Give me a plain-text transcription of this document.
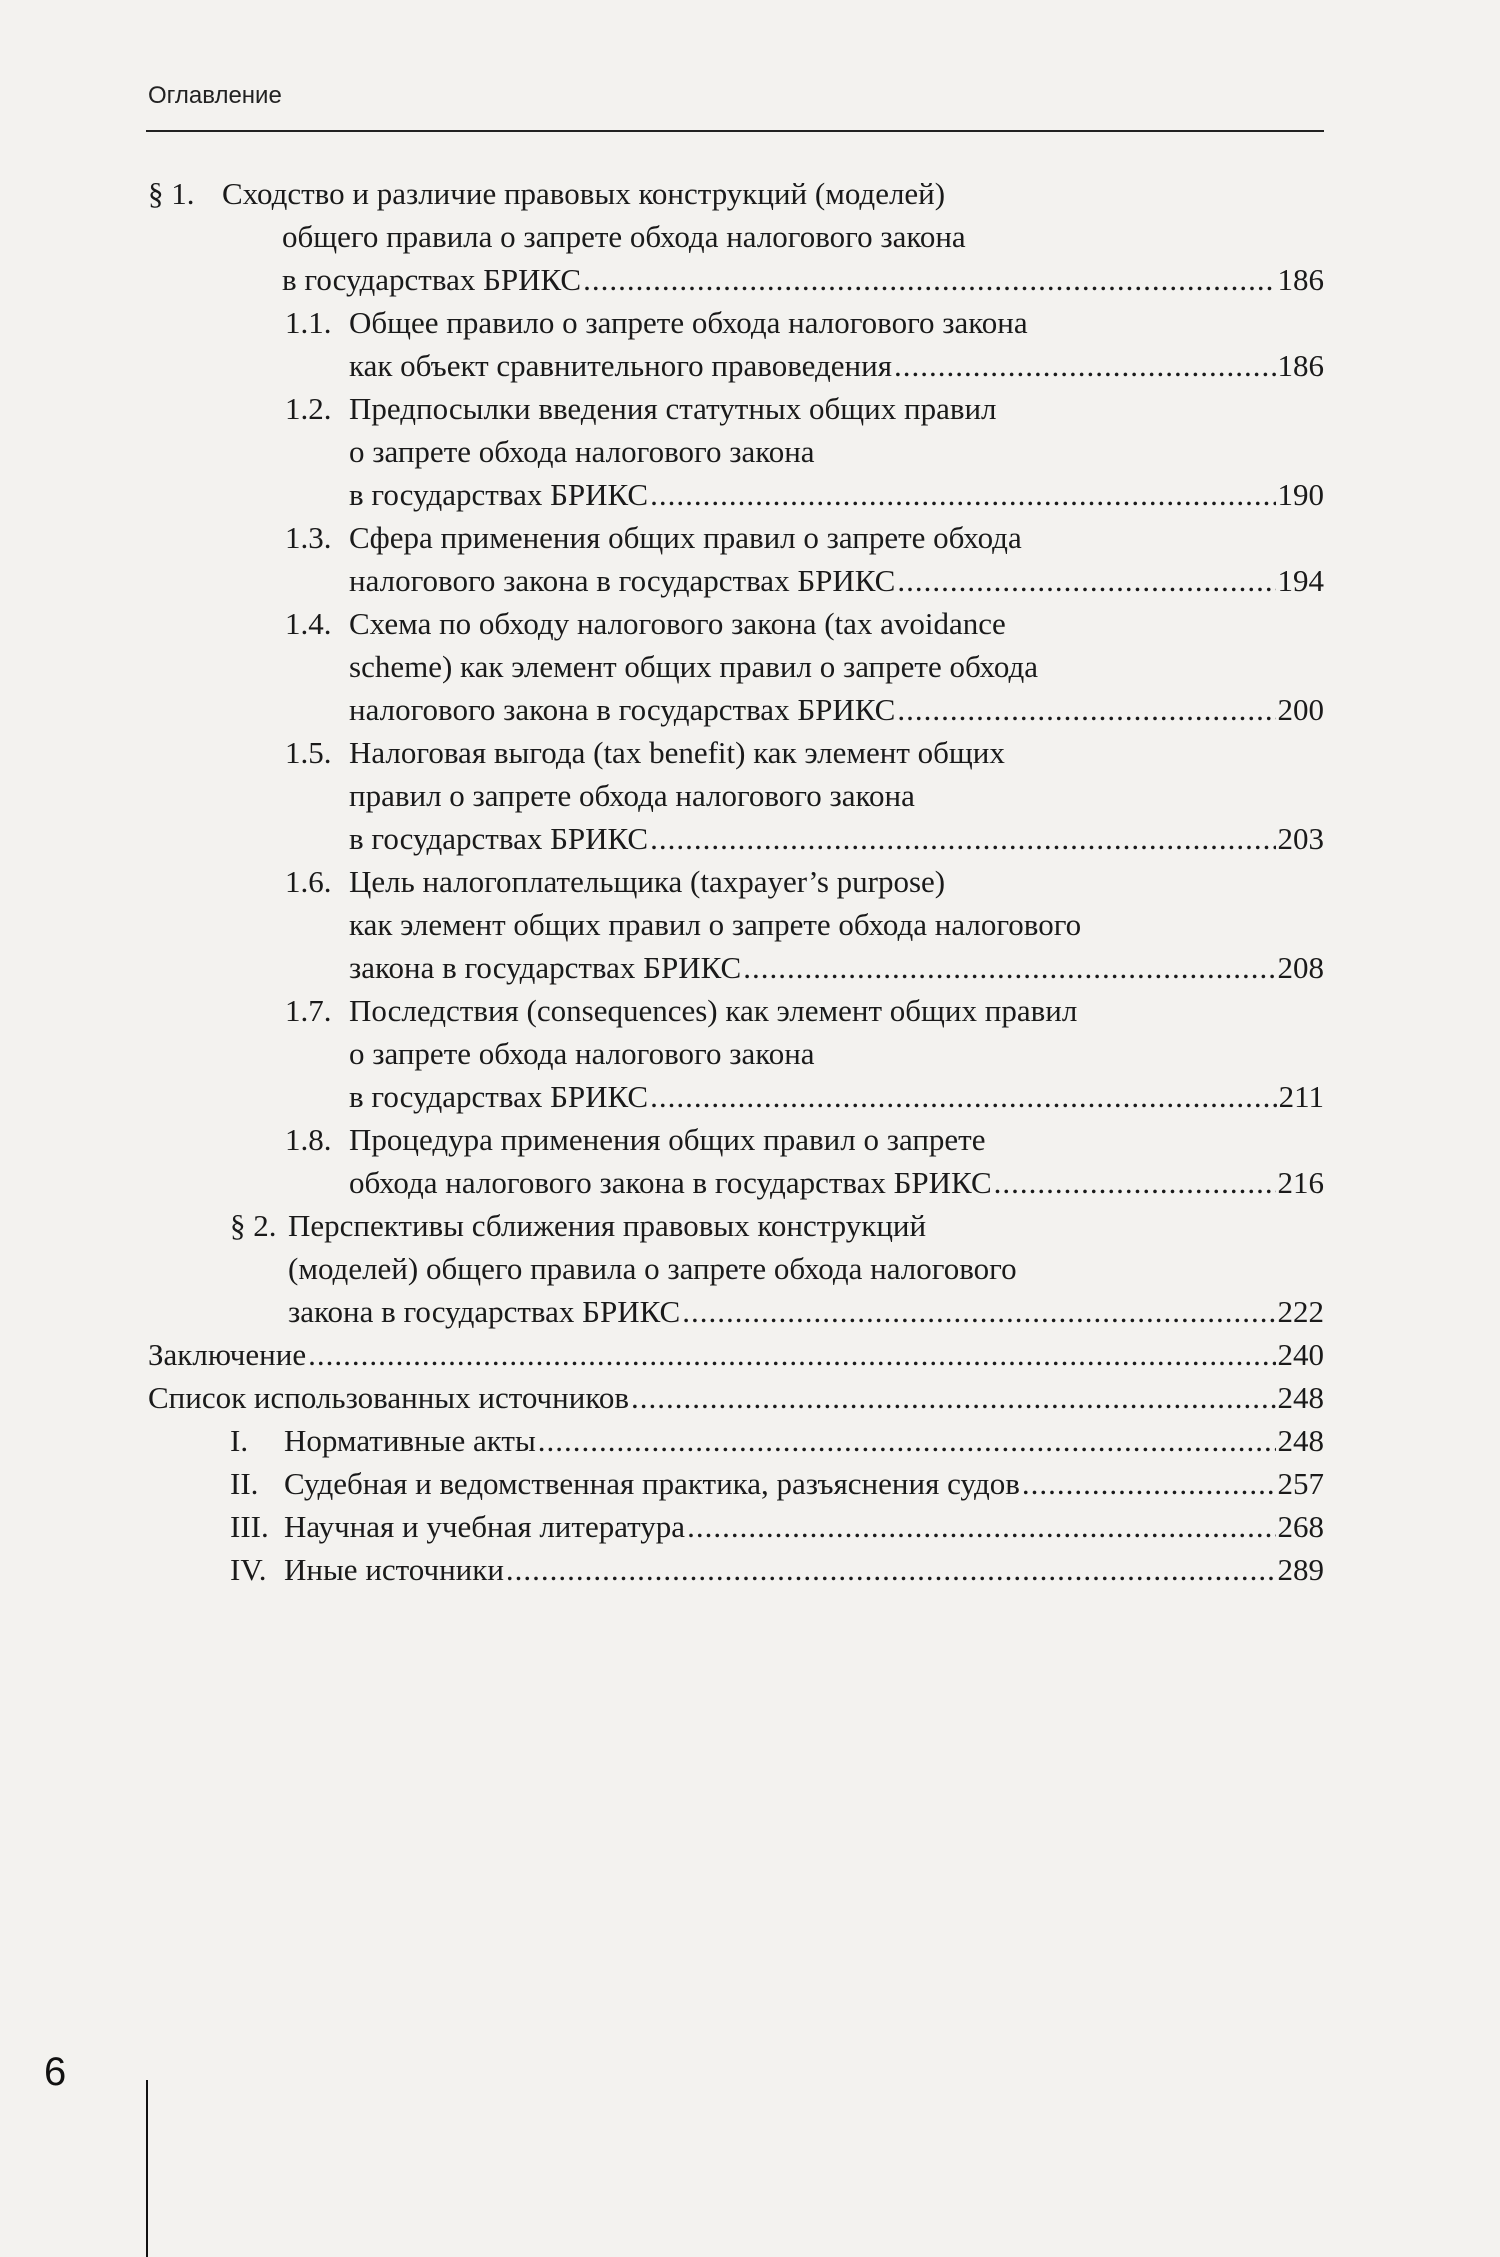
Оглавление
§ 1. Сходство и различие правовых конструкций (моделей)
общего правила о запрете обхода налогового закона
в государствах БРИКС .....	186
1.1. Общее правило о запрете обхода налогового закона
как объект сравнительного правоведения .....	186
1.2. Предпосылки введения статутных общих правил
о запрете обхода налогового закона
в государствах БРИКС .....	190
1.3. Сфера применения общих правил о запрете обхода
налогового закона в государствах БРИКС .....	194
1.4. Схема по обходу налогового закона (tax avoidance
scheme) как элемент общих правил о запрете обхода
налогового закона в государствах БРИКС .....	200
1.5. Налоговая выгода (tax benefit) как элемент общих
правил о запрете обхода налогового закона
в государствах БРИКС .....	203
1.6. Цель налогоплательщика (taxpayer’s purpose)
как элемент общих правил о запрете обхода налогового
закона в государствах БРИКС .....	208
1.7. Последствия (consequences) как элемент общих правил
о запрете обхода налогового закона
в государствах БРИКС .....	211
1.8. Процедура применения общих правил о запрете
обхода налогового закона в государствах БРИКС .....	216
§ 2. Перспективы сближения правовых конструкций
(моделей) общего правила о запрете обхода налогового
закона в государствах БРИКС .....	222
Заключение .....	240
Список использованных источников .....	248
I. Нормативные акты .....	248
II. Судебная и ведомственная практика, разъяснения судов .....	257
III. Научная и учебная литература .....	268
IV. Иные источники .....	289
6
